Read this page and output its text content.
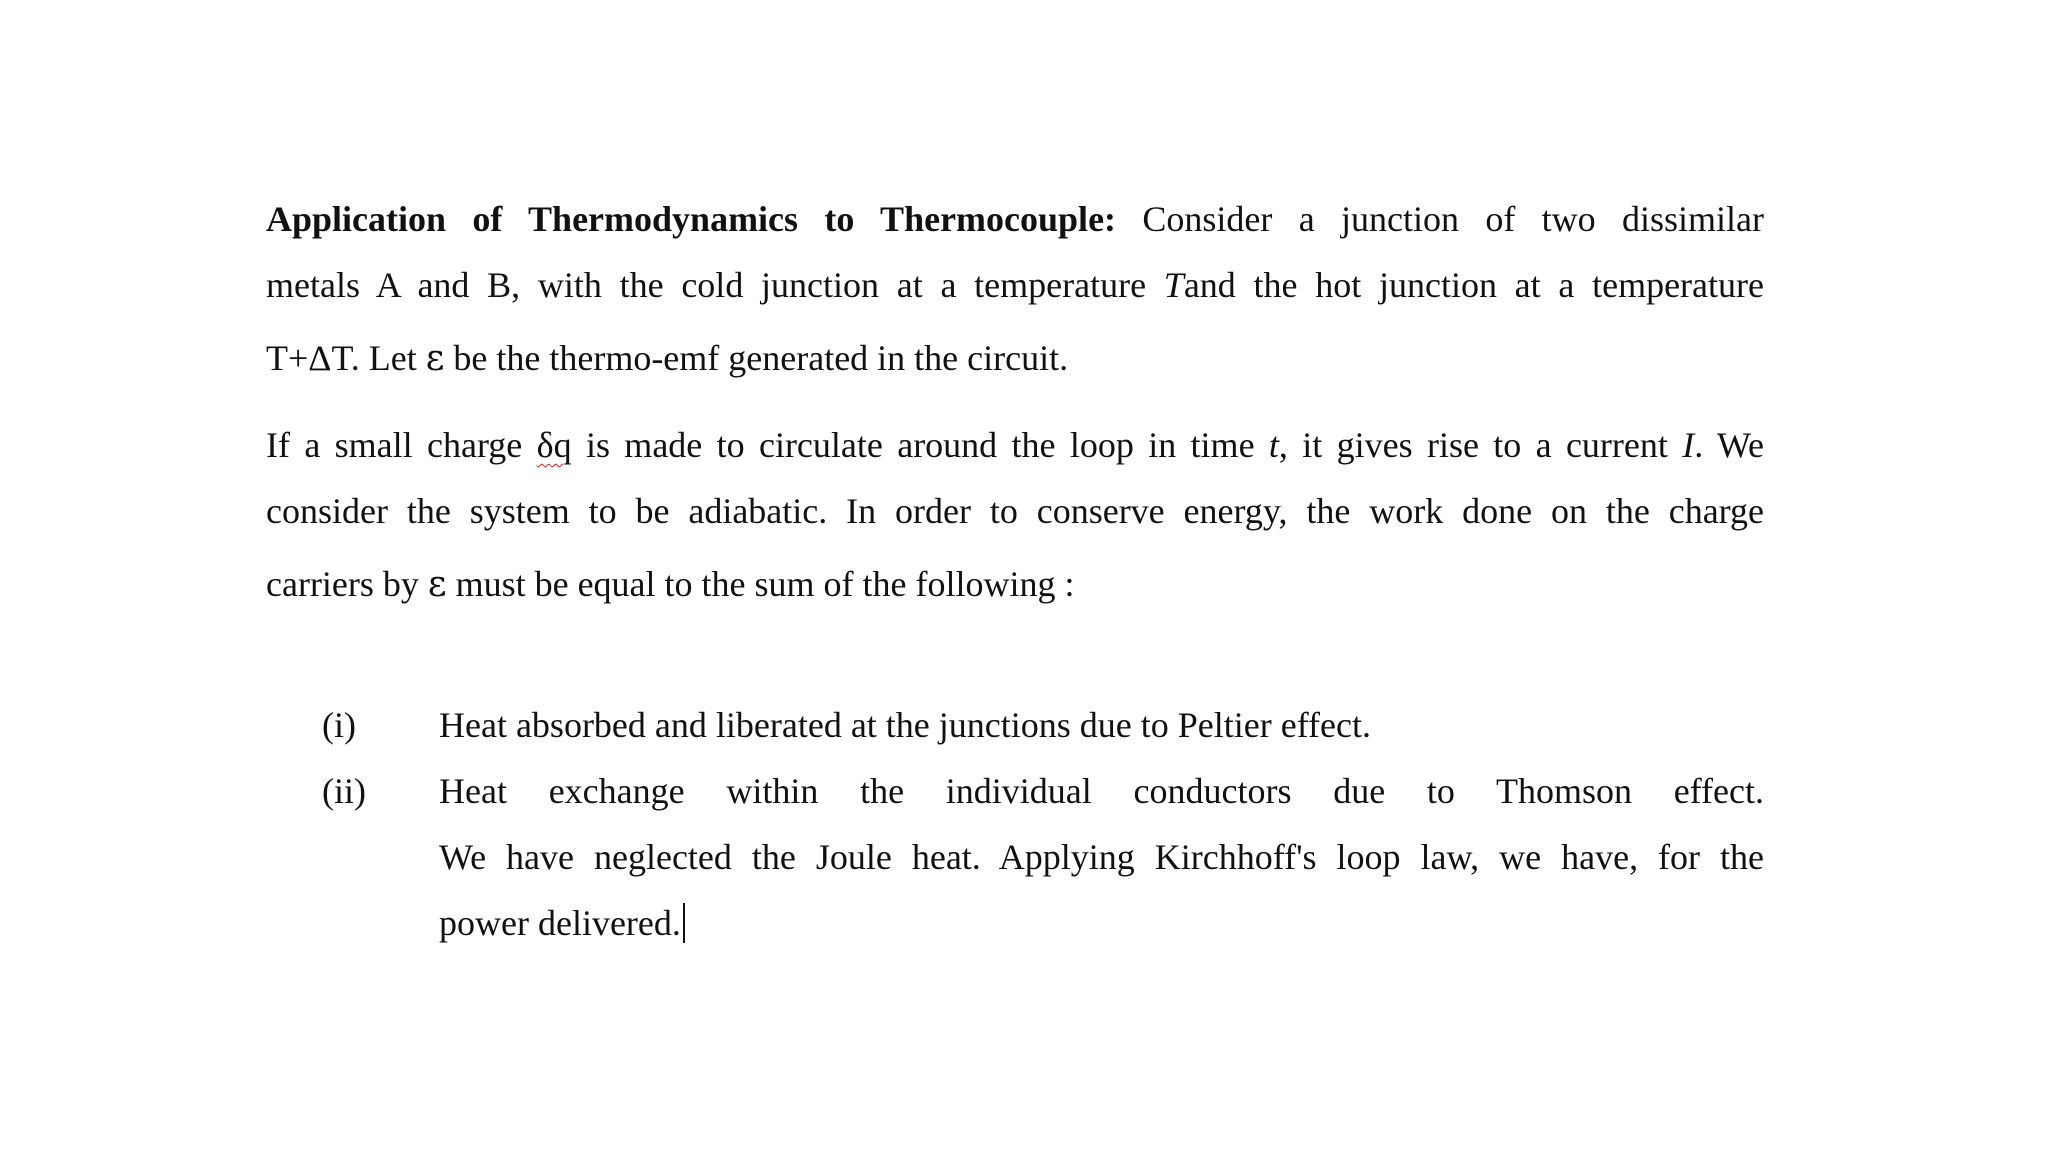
Application of Thermodynamics to Thermocouple: Consider a junction of two dissimilar
metals A and B, with the cold junction at a temperature Tand the hot junction at a temperature
T+ΔT. Let ε be the thermo-emf generated in the circuit.

If a small charge δq is made to circulate around the loop in time t, it gives rise to a current I. We
consider the system to be adiabatic. In order to conserve energy, the work done on the charge
carriers by ε must be equal to the sum of the following :

(i) Heat absorbed and liberated at the junctions due to Peltier effect.
(ii) Heat exchange within the individual conductors due to Thomson effect.
We have neglected the Joule heat. Applying Kirchhoff's loop law, we have, for the
power delivered.
